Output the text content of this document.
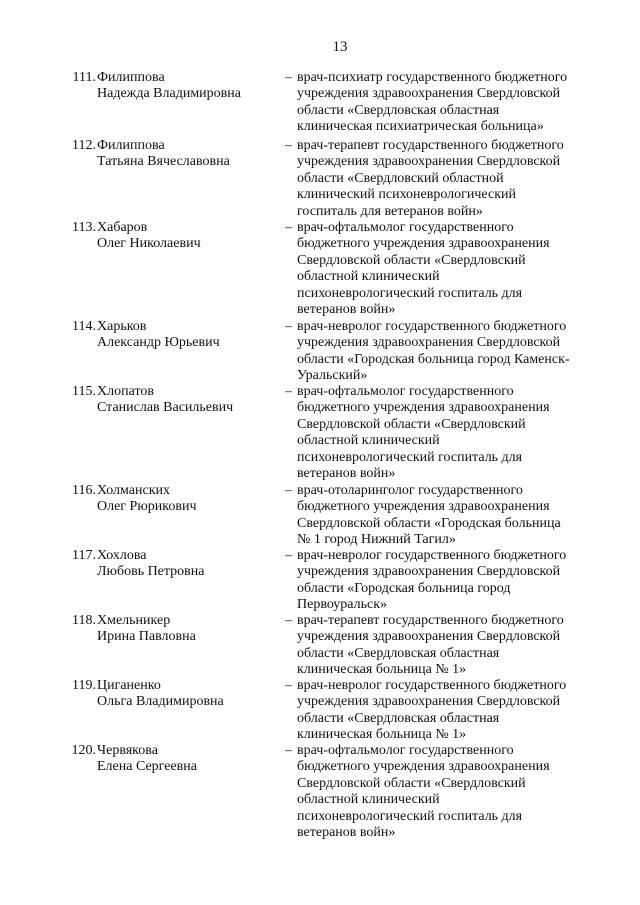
13
111. Филиппова
Надежда Владимировна
– врач-психиатр государственного бюджетного
учреждения здравоохранения Свердловской
области «Свердловская областная
клиническая психиатрическая больница»
112. Филиппова
Татьяна Вячеславовна
– врач-терапевт государственного бюджетного
учреждения здравоохранения Свердловской
области «Свердловский областной
клинический психоневрологический
госпиталь для ветеранов войн»
113. Хабаров
Олег Николаевич
– врач-офтальмолог государственного
бюджетного учреждения здравоохранения
Свердловской области «Свердловский
областной клинический
психоневрологический госпиталь для
ветеранов войн»
114. Харьков
Александр Юрьевич
– врач-невролог государственного бюджетного
учреждения здравоохранения Свердловской
области «Городская больница город Каменск-
Уральский»
115. Хлопатов
Станислав Васильевич
– врач-офтальмолог государственного
бюджетного учреждения здравоохранения
Свердловской области «Свердловский
областной клинический
психоневрологический госпиталь для
ветеранов войн»
116. Холманских
Олег Рюрикович
– врач-отоларинголог государственного
бюджетного учреждения здравоохранения
Свердловской области «Городская больница
№ 1 город Нижний Тагил»
117. Хохлова
Любовь Петровна
– врач-невролог государственного бюджетного
учреждения здравоохранения Свердловской
области «Городская больница город
Первоуральск»
118. Хмельникер
Ирина Павловна
– врач-терапевт государственного бюджетного
учреждения здравоохранения Свердловской
области «Свердловская областная
клиническая больница № 1»
119. Циганенко
Ольга Владимировна
– врач-невролог государственного бюджетного
учреждения здравоохранения Свердловской
области «Свердловская областная
клиническая больница № 1»
120. Червякова
Елена Сергеевна
– врач-офтальмолог государственного
бюджетного учреждения здравоохранения
Свердловской области «Свердловский
областной клинический
психоневрологический госпиталь для
ветеранов войн»
